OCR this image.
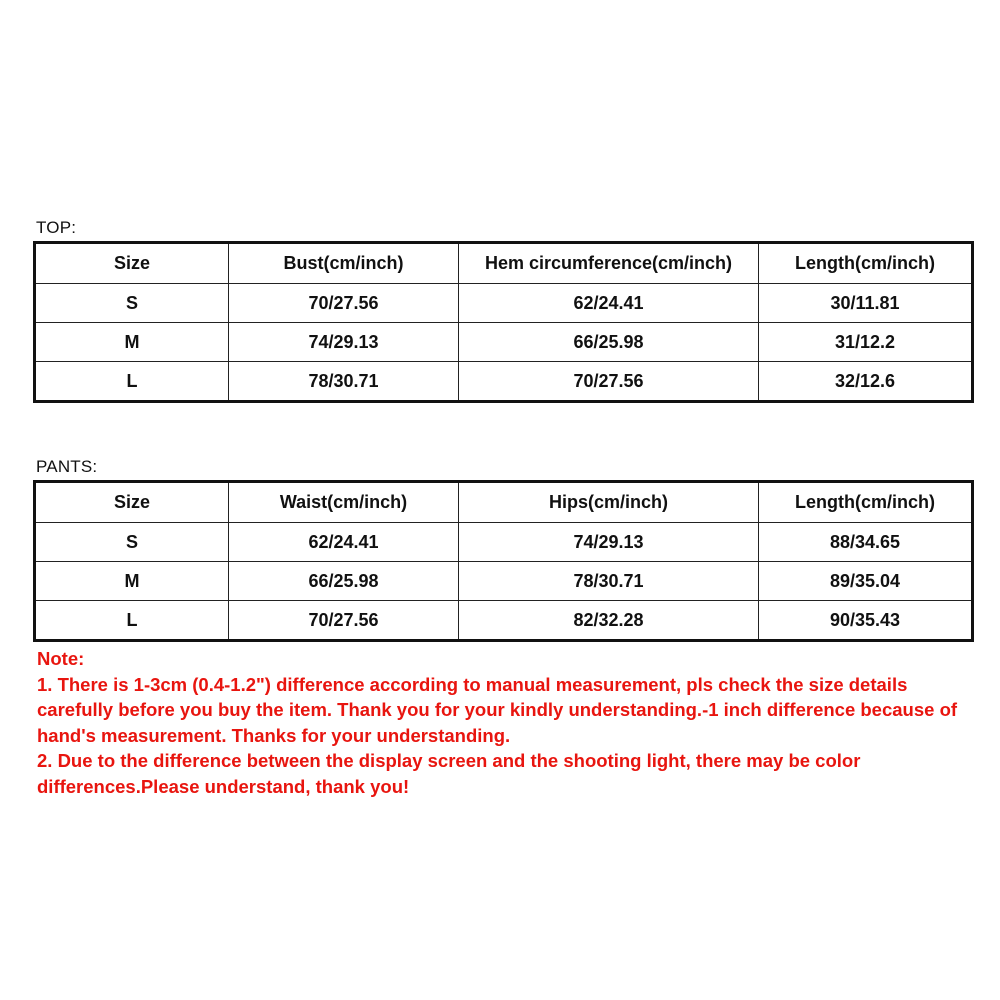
TOP:
Size	Bust(cm/inch)	Hem circumference(cm/inch)	Length(cm/inch)
S	70/27.56	62/24.41	30/11.81
M	74/29.13	66/25.98	31/12.2
L	78/30.71	70/27.56	32/12.6
PANTS:
Size	Waist(cm/inch)	Hips(cm/inch)	Length(cm/inch)
S	62/24.41	74/29.13	88/34.65
M	66/25.98	78/30.71	89/35.04
L	70/27.56	82/32.28	90/35.43

Note:

1. There is 1-3cm (0.4-1.2") difference according to manual measurement, pls check the size details carefully before you buy the item. Thank you for your kindly understanding.-1 inch difference because of hand's measurement. Thanks for your understanding.

2. Due to the difference between the display screen and the shooting light, there may be color differences.Please understand, thank you!
